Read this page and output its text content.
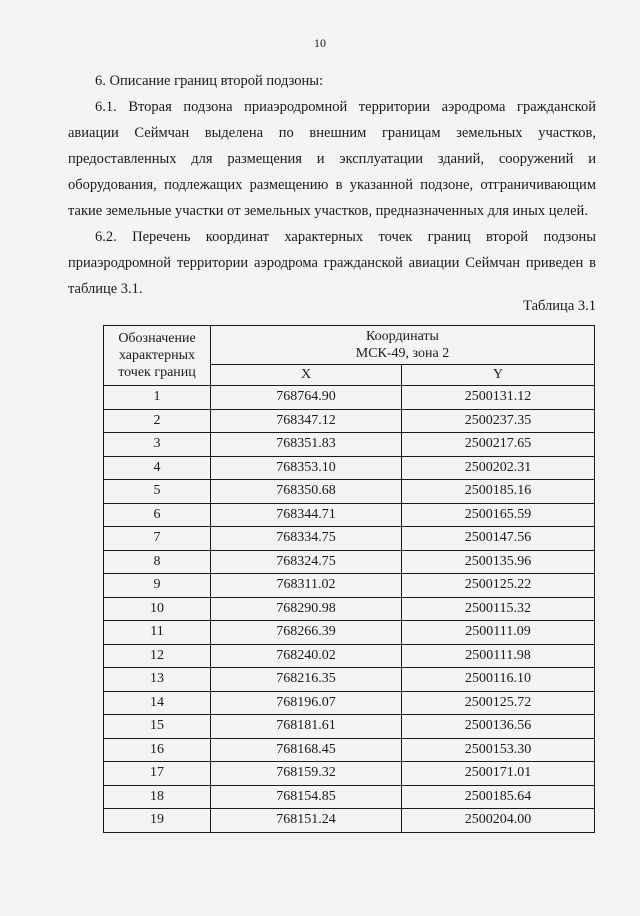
10
6. Описание границ второй подзоны:
6.1. Вторая подзона приаэродромной территории аэродрома гражданской авиации Сеймчан выделена по внешним границам земельных участков, предоставленных для размещения и эксплуатации зданий, сооружений и оборудования, подлежащих размещению в указанной подзоне, отграничивающим такие земельные участки от земельных участков, предназначенных для иных целей.
6.2. Перечень координат характерных точек границ второй подзоны приаэродромной территории аэродрома гражданской авиации Сеймчан приведен в таблице 3.1.
Таблица 3.1
Обозначение характерных точек границ	Координаты
МСК-49, зона 2	
	X	Y
1	768764.90	2500131.12
2	768347.12	2500237.35
3	768351.83	2500217.65
4	768353.10	2500202.31
5	768350.68	2500185.16
6	768344.71	2500165.59
7	768334.75	2500147.56
8	768324.75	2500135.96
9	768311.02	2500125.22
10	768290.98	2500115.32
11	768266.39	2500111.09
12	768240.02	2500111.98
13	768216.35	2500116.10
14	768196.07	2500125.72
15	768181.61	2500136.56
16	768168.45	2500153.30
17	768159.32	2500171.01
18	768154.85	2500185.64
19	768151.24	2500204.00
